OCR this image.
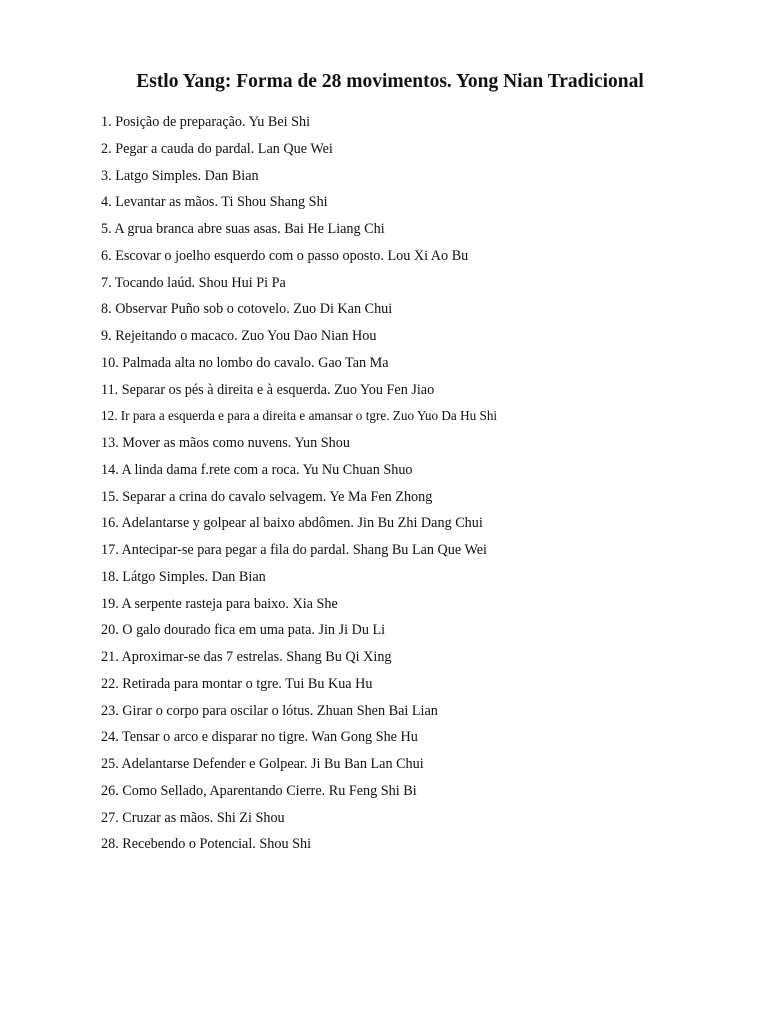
Estlo Yang: Forma de 28 movimentos. Yong Nian Tradicional
1. Posição de preparação. Yu Bei Shi
2. Pegar a cauda do pardal. Lan Que Wei
3. Latgo Simples. Dan Bian
4. Levantar as mãos. Ti Shou Shang Shi
5. A grua branca abre suas asas. Bai He Liang Chi
6. Escovar o joelho esquerdo com o passo oposto. Lou Xi Ao Bu
7. Tocando laúd. Shou Hui Pi Pa
8. Observar Puño sob o cotovelo. Zuo Di Kan Chui
9. Rejeitando o macaco. Zuo You Dao Nian Hou
10. Palmada alta no lombo do cavalo. Gao Tan Ma
11. Separar os pés à direita e à esquerda. Zuo You Fen Jiao
12. Ir para a esquerda e para a direita e amansar o tgre. Zuo Yuo Da Hu Shi
13. Mover as mãos como nuvens. Yun Shou
14. A linda dama f.rete com a roca. Yu Nu Chuan Shuo
15. Separar a crina do cavalo selvagem. Ye Ma Fen Zhong
16. Adelantarse y golpear al baixo abdômen. Jin Bu Zhi Dang Chui
17. Antecipar-se para pegar a fila do pardal. Shang Bu Lan Que Wei
18. Látgo Simples. Dan Bian
19. A serpente rasteja para baixo. Xia She
20. O galo dourado fica em uma pata. Jin Ji Du Li
21. Aproximar-se das 7 estrelas. Shang Bu Qi Xing
22. Retirada para montar o tgre. Tui Bu Kua Hu
23. Girar o corpo para oscilar o lótus. Zhuan Shen Bai Lian
24. Tensar o arco e disparar no tigre. Wan Gong She Hu
25. Adelantarse Defender e Golpear. Ji Bu Ban Lan Chui
26. Como Sellado, Aparentando Cierre. Ru Feng Shi Bi
27. Cruzar as mãos. Shi Zi Shou
28. Recebendo o Potencial. Shou Shi
